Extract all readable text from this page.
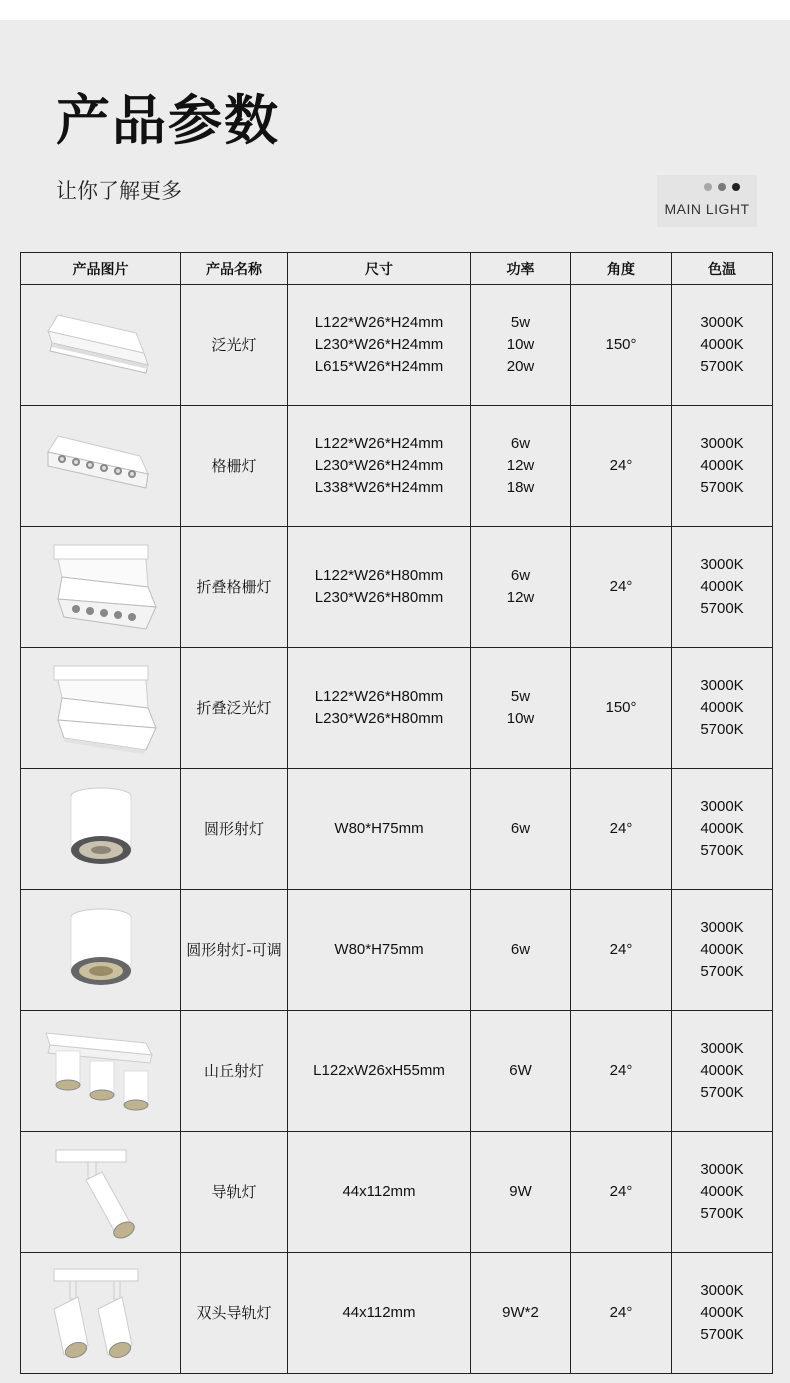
产品参数
让你了解更多
MAIN LIGHT
产品图片	产品名称	尺寸	功率	角度	色温

	泛光灯	L122*W26*H24mm
L230*W26*H24mm
L615*W26*H24mm	5w
10w
20w	150°	3000K
4000K
5700K

	格栅灯	L122*W26*H24mm
L230*W26*H24mm
L338*W26*H24mm	6w
12w
18w	24°	3000K
4000K
5700K

	折叠格栅灯	L122*W26*H80mm
L230*W26*H80mm	6w
12w	24°	3000K
4000K
5700K

	折叠泛光灯	L122*W26*H80mm
L230*W26*H80mm	5w
10w	150°	3000K
4000K
5700K

	圆形射灯	W80*H75mm	6w	24°	3000K
4000K
5700K

	圆形射灯-可调	W80*H75mm	6w	24°	3000K
4000K
5700K

	山丘射灯	L122xW26xH55mm	6W	24°	3000K
4000K
5700K

	导轨灯	44x112mm	9W	24°	3000K
4000K
5700K

	双头导轨灯	44x112mm	9W*2	24°	3000K
4000K
5700K
